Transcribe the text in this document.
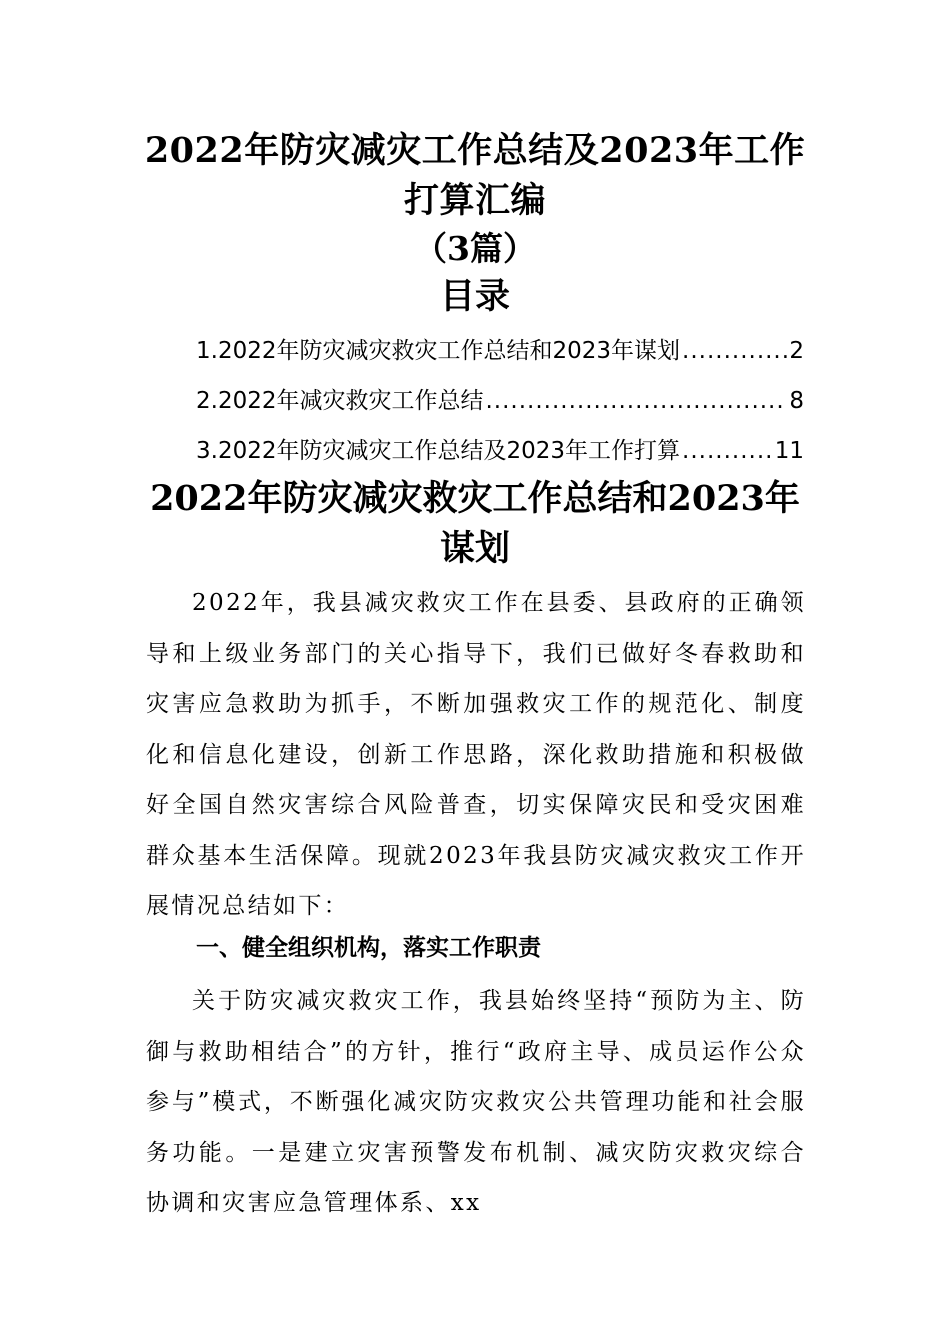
2022年防灾减灾工作总结及2023年工作打算汇编
（3篇）
目录
1.2022年防灾减灾救灾工作总结和2023年谋划 .....	2
2.2022年减灾救灾工作总结 .....	8
3.2022年防灾减灾工作总结及2023年工作打算 .....	11
2022年防灾减灾救灾工作总结和2023年谋划

2022年，我县减灾救灾工作在县委、县政府的正确领导和上级业务部门的关心指导下，我们已做好冬春救助和灾害应急救助为抓手，不断加强救灾工作的规范化、制度化和信息化建设，创新工作思路，深化救助措施和积极做好全国自然灾害综合风险普查，切实保障灾民和受灾困难群众基本生活保障。现就2023年我县防灾减灾救灾工作开展情况总结如下：

一、健全组织机构，落实工作职责

关于防灾减灾救灾工作，我县始终坚持“预防为主、防御与救助相结合”的方针，推行“政府主导、成员运作公众参与”模式，不断强化减灾防灾救灾公共管理功能和社会服务功能。一是建立灾害预警发布机制、减灾防灾救灾综合协调和灾害应急管理体系、xx
